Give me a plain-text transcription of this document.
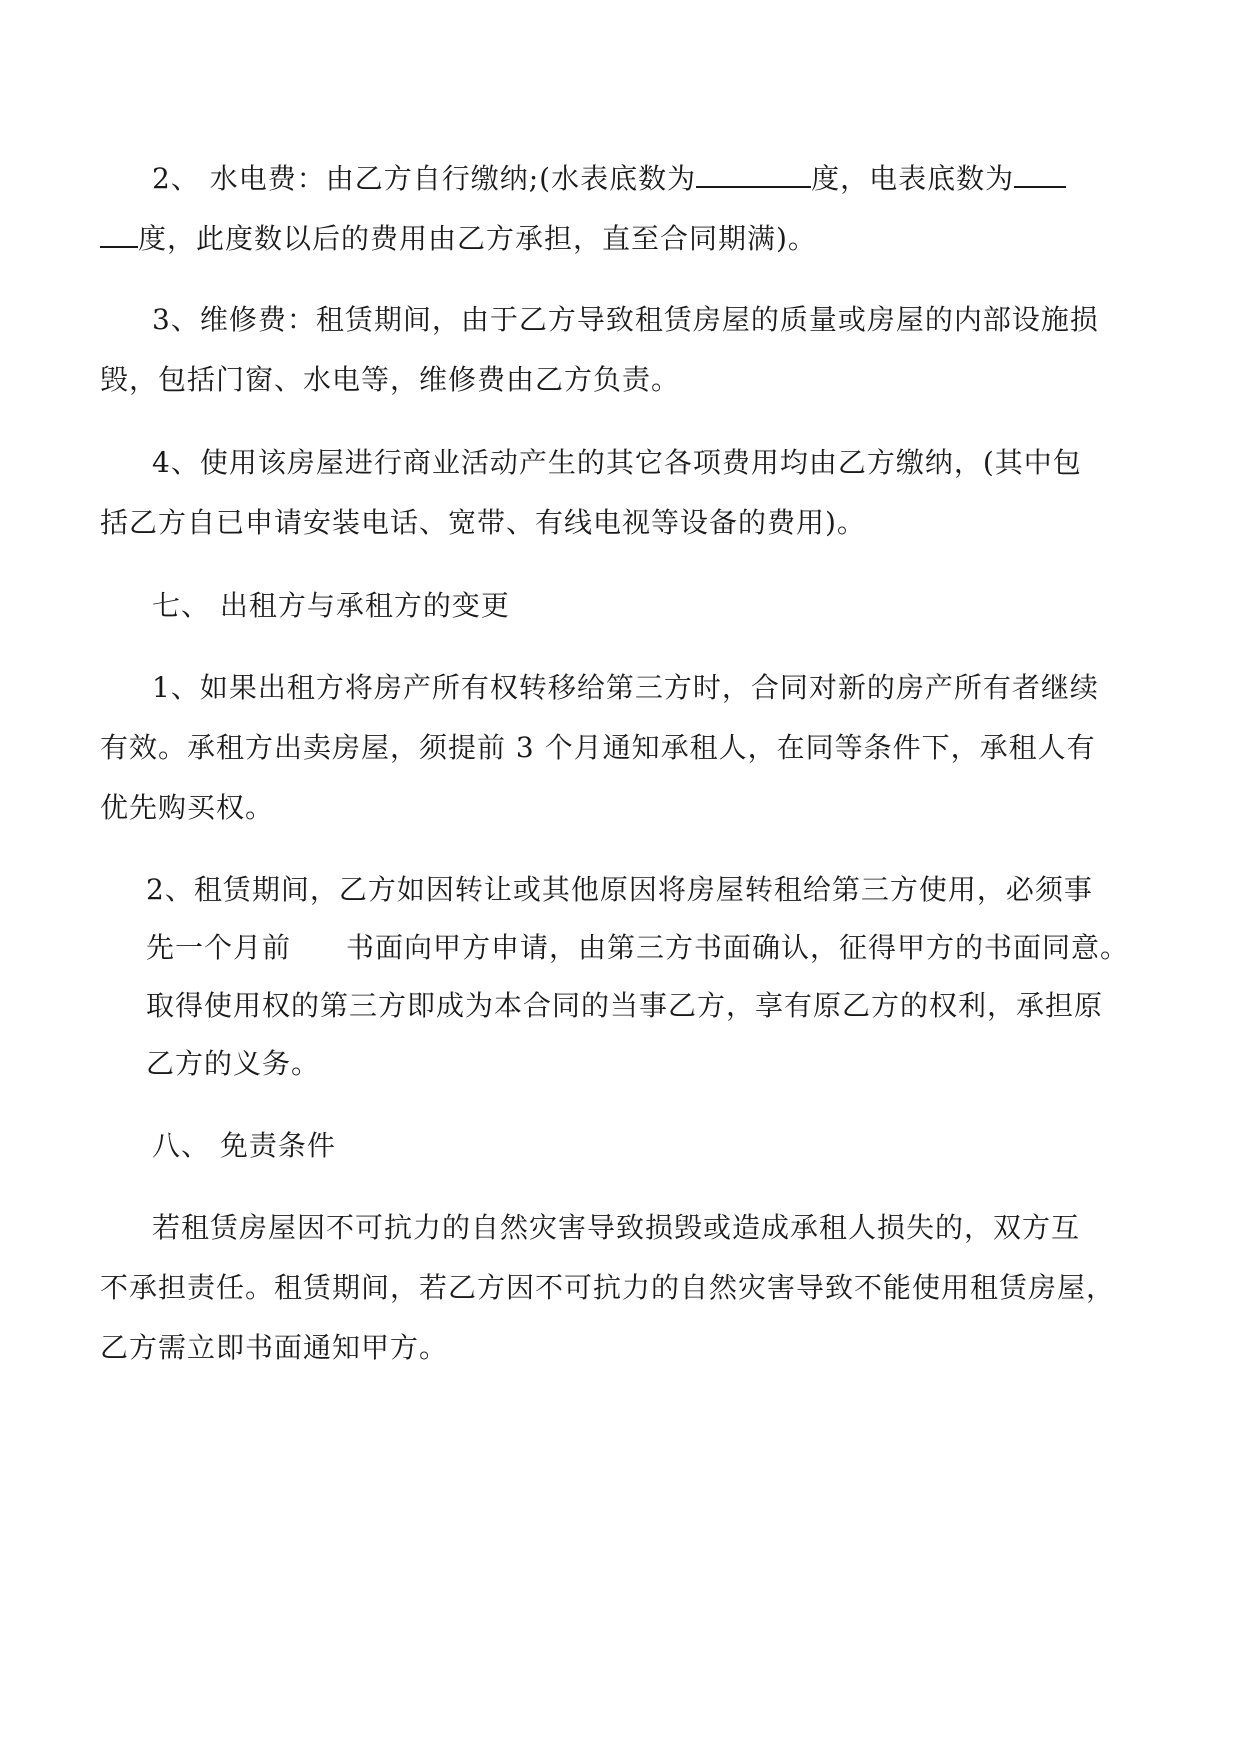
2、 水电费：由乙方自行缴纳;(水表底数为	度，电表底数为
度，此度数以后的费用由乙方承担，直至合同期满)。
3、维修费：租赁期间，由于乙方导致租赁房屋的质量或房屋的内部设施损
毁，包括门窗、水电等，维修费由乙方负责。
4、使用该房屋进行商业活动产生的其它各项费用均由乙方缴纳，(其中包
括乙方自已申请安装电话、宽带、有线电视等设备的费用)。
七、 出租方与承租方的变更
1、如果出租方将房产所有权转移给第三方时，合同对新的房产所有者继续
有效。承租方出卖房屋，须提前 3 个月通知承租人，在同等条件下，承租人有
优先购买权。
2、租赁期间，乙方如因转让或其他原因将房屋转租给第三方使用，必须事
先一个月前 书面向甲方申请，由第三方书面确认，征得甲方的书面同意。
取得使用权的第三方即成为本合同的当事乙方，享有原乙方的权利，承担原
乙方的义务。
八、 免责条件
若租赁房屋因不可抗力的自然灾害导致损毁或造成承租人损失的，双方互
不承担责任。租赁期间，若乙方因不可抗力的自然灾害导致不能使用租赁房屋，
乙方需立即书面通知甲方。
